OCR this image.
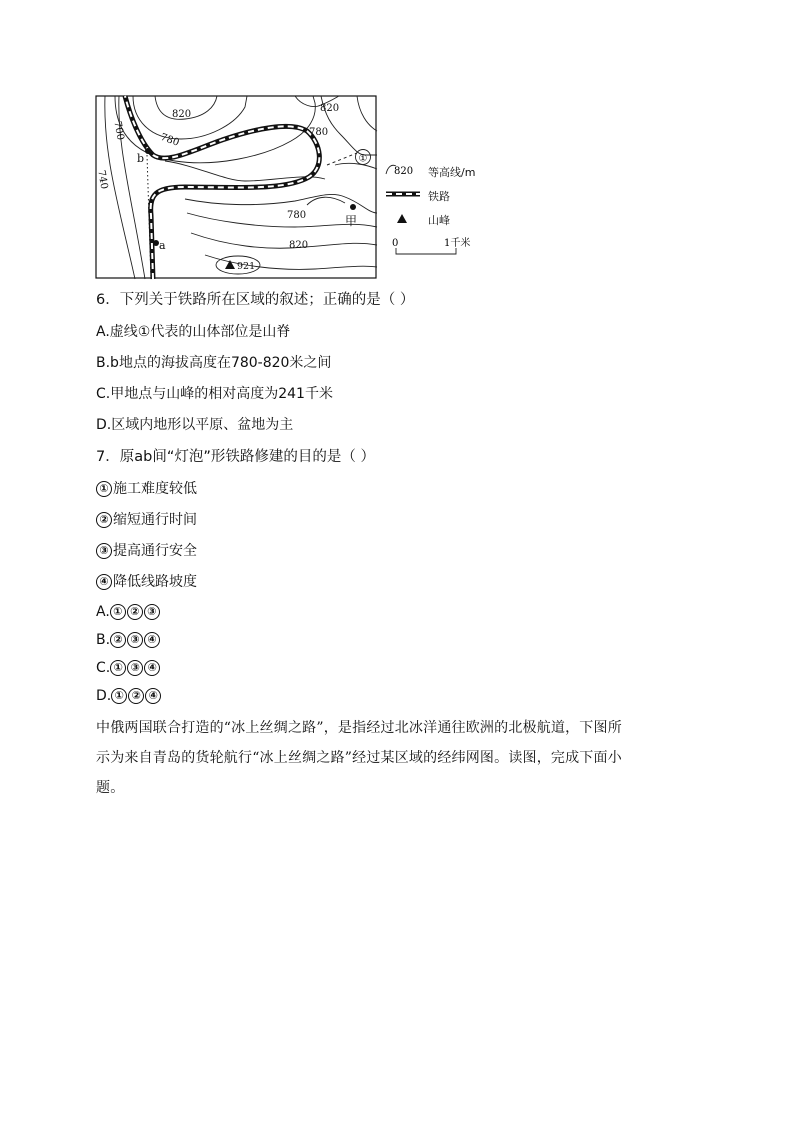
①
820
780
700
740
820
780
780
820
921
b
a
甲
820 等高线/m
铁路
山峰
0	1千米
6．下列关于铁路所在区域的叙述；正确的是（ ）
A.虚线①代表的山体部位是山脊
B.b地点的海拔高度在780-820米之间
C.甲地点与山峰的相对高度为241千米
D.区域内地形以平原、盆地为主
7．原ab间“灯泡”形铁路修建的目的是（ ）
① 施工难度较低
② 缩短通行时间
③ 提高通行安全
④ 降低线路坡度
A. ① ② ③
B. ② ③ ④
C. ① ③ ④
D. ① ② ④
中俄两国联合打造的“冰上丝绸之路”，是指经过北冰洋通往欧洲的北极航道，下图所
示为来自青岛的货轮航行“冰上丝绸之路”经过某区域的经纬网图。读图，完成下面小
题。
